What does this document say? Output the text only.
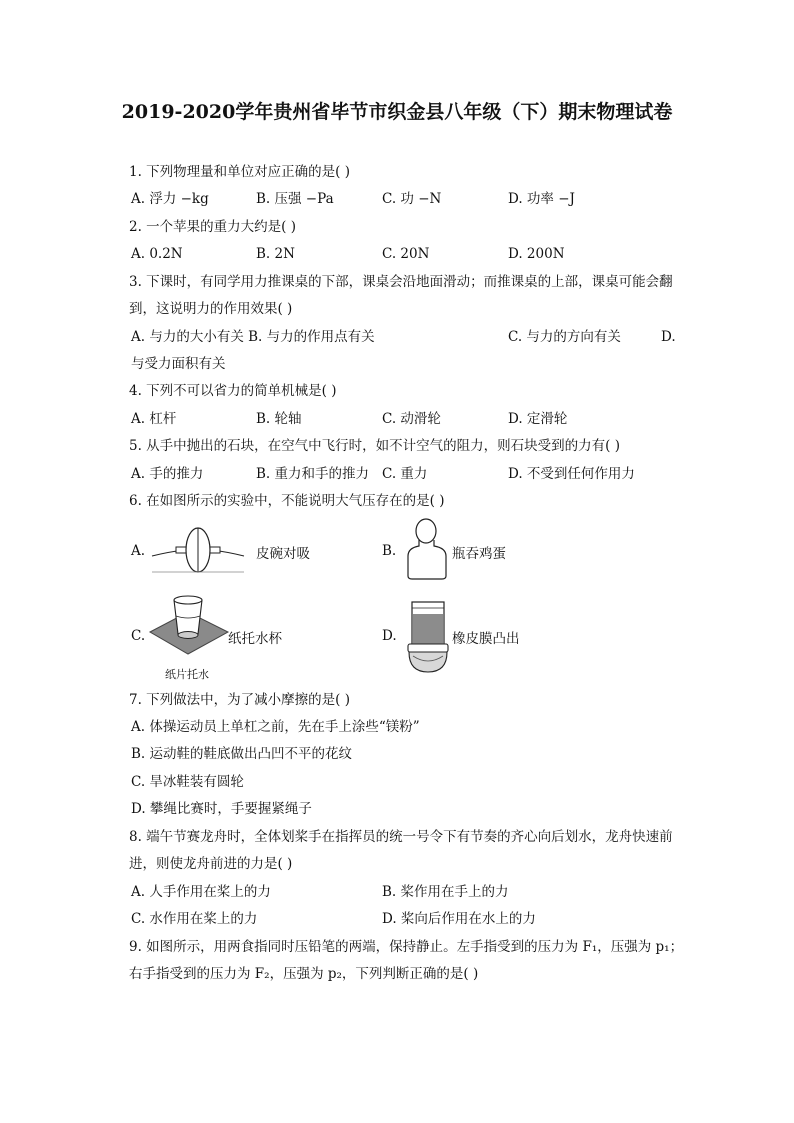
2019-2020学年贵州省毕节市织金县八年级（下）期末物理试卷
1. 下列物理量和单位对应正确的是( )
A. 浮力 −kg	B. 压强 −Pa	C. 功 −N	D. 功率 −J
2. 一个苹果的重力大约是( )
A. 0.2N	B. 2N	C. 20N	D. 200N
3. 下课时，有同学用力推课桌的下部，课桌会沿地面滑动；而推课桌的上部，课桌可能会翻
到，这说明力的作用效果( )
A. 与力的大小有关 B. 与力的作用点有关	C. 与力的方向有关	D.
与受力面积有关
4. 下列不可以省力的简单机械是( )
A. 杠杆	B. 轮轴	C. 动滑轮	D. 定滑轮
5. 从手中抛出的石块，在空气中飞行时，如不计空气的阻力，则石块受到的力有( )
A. 手的推力	B. 重力和手的推力 C. 重力	D. 不受到任何作用力
6. 在如图所示的实验中，不能说明大气压存在的是( )
A.	皮碗对吸	B.	瓶吞鸡蛋
C.	纸托水杯
纸片托水
D.	橡皮膜凸出
7. 下列做法中，为了减小摩擦的是( )
A. 体操运动员上单杠之前，先在手上涂些“镁粉”
B. 运动鞋的鞋底做出凸凹不平的花纹
C. 旱冰鞋装有圆轮
D. 攀绳比赛时，手要握紧绳子
8. 端午节赛龙舟时，全体划桨手在指挥员的统一号令下有节奏的齐心向后划水，龙舟快速前
进，则使龙舟前进的力是( )
A. 人手作用在桨上的力	B. 桨作用在手上的力
C. 水作用在桨上的力	D. 桨向后作用在水上的力
9. 如图所示，用两食指同时压铅笔的两端，保持静止。左手指受到的压力为 F₁，压强为 p₁；
右手指受到的压力为 F₂，压强为 p₂，下列判断正确的是( )
